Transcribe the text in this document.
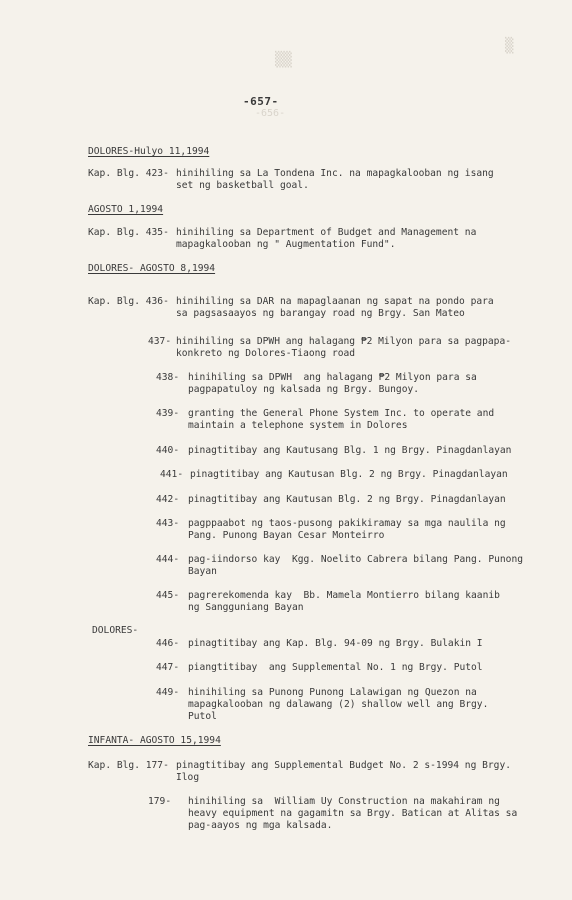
-656-
▒▒
▒
-657-
DOLORES-Hulyo 11,1994
Kap. Blg. 423- hinihiling sa La Tondena Inc. na mapagkalooban ng isang
set ng basketball goal.
AGOSTO 1,1994
Kap. Blg. 435- hinihiling sa Department of Budget and Management na
mapagkalooban ng " Augmentation Fund".
DOLORES- AGOSTO 8,1994
Kap. Blg. 436- hinihiling sa DAR na mapaglaanan ng sapat na pondo para
sa pagsasaayos ng barangay road ng Brgy. San Mateo
437- hinihiling sa DPWH ang halagang ₱2 Milyon para sa pagpapa-
konkreto ng Dolores-Tiaong road
438- hinihiling sa DPWH  ang halagang ₱2 Milyon para sa
pagpapatuloy ng kalsada ng Brgy. Bungoy.
439- granting the General Phone System Inc. to operate and
maintain a telephone system in Dolores
440- pinagtitibay ang Kautusang Blg. 1 ng Brgy. Pinagdanlayan
441- pinagtitibay ang Kautusan Blg. 2 ng Brgy. Pinagdanlayan
442- pinagtitibay ang Kautusan Blg. 2 ng Brgy. Pinagdanlayan
443- pagppaabot ng taos-pusong pakikiramay sa mga naulila ng
Pang. Punong Bayan Cesar Monteirro
444- pag-iindorso kay  Kgg. Noelito Cabrera bilang Pang. Punong
Bayan
445- pagrerekomenda kay  Bb. Mamela Montierro bilang kaanib
ng Sangguniang Bayan
DOLORES-
446- pinagtitibay ang Kap. Blg. 94-09 ng Brgy. Bulakin I
447- piangtitibay  ang Supplemental No. 1 ng Brgy. Putol
449- hinihiling sa Punong Punong Lalawigan ng Quezon na
mapagkalooban ng dalawang (2) shallow well ang Brgy.
Putol
INFANTA- AGOSTO 15,1994
Kap. Blg. 177- pinagtitibay ang Supplemental Budget No. 2 s-1994 ng Brgy.
Ilog
179- hinihiling sa  William Uy Construction na makahiram ng
heavy equipment na gagamitn sa Brgy. Batican at Alitas sa
pag-aayos ng mga kalsada.
